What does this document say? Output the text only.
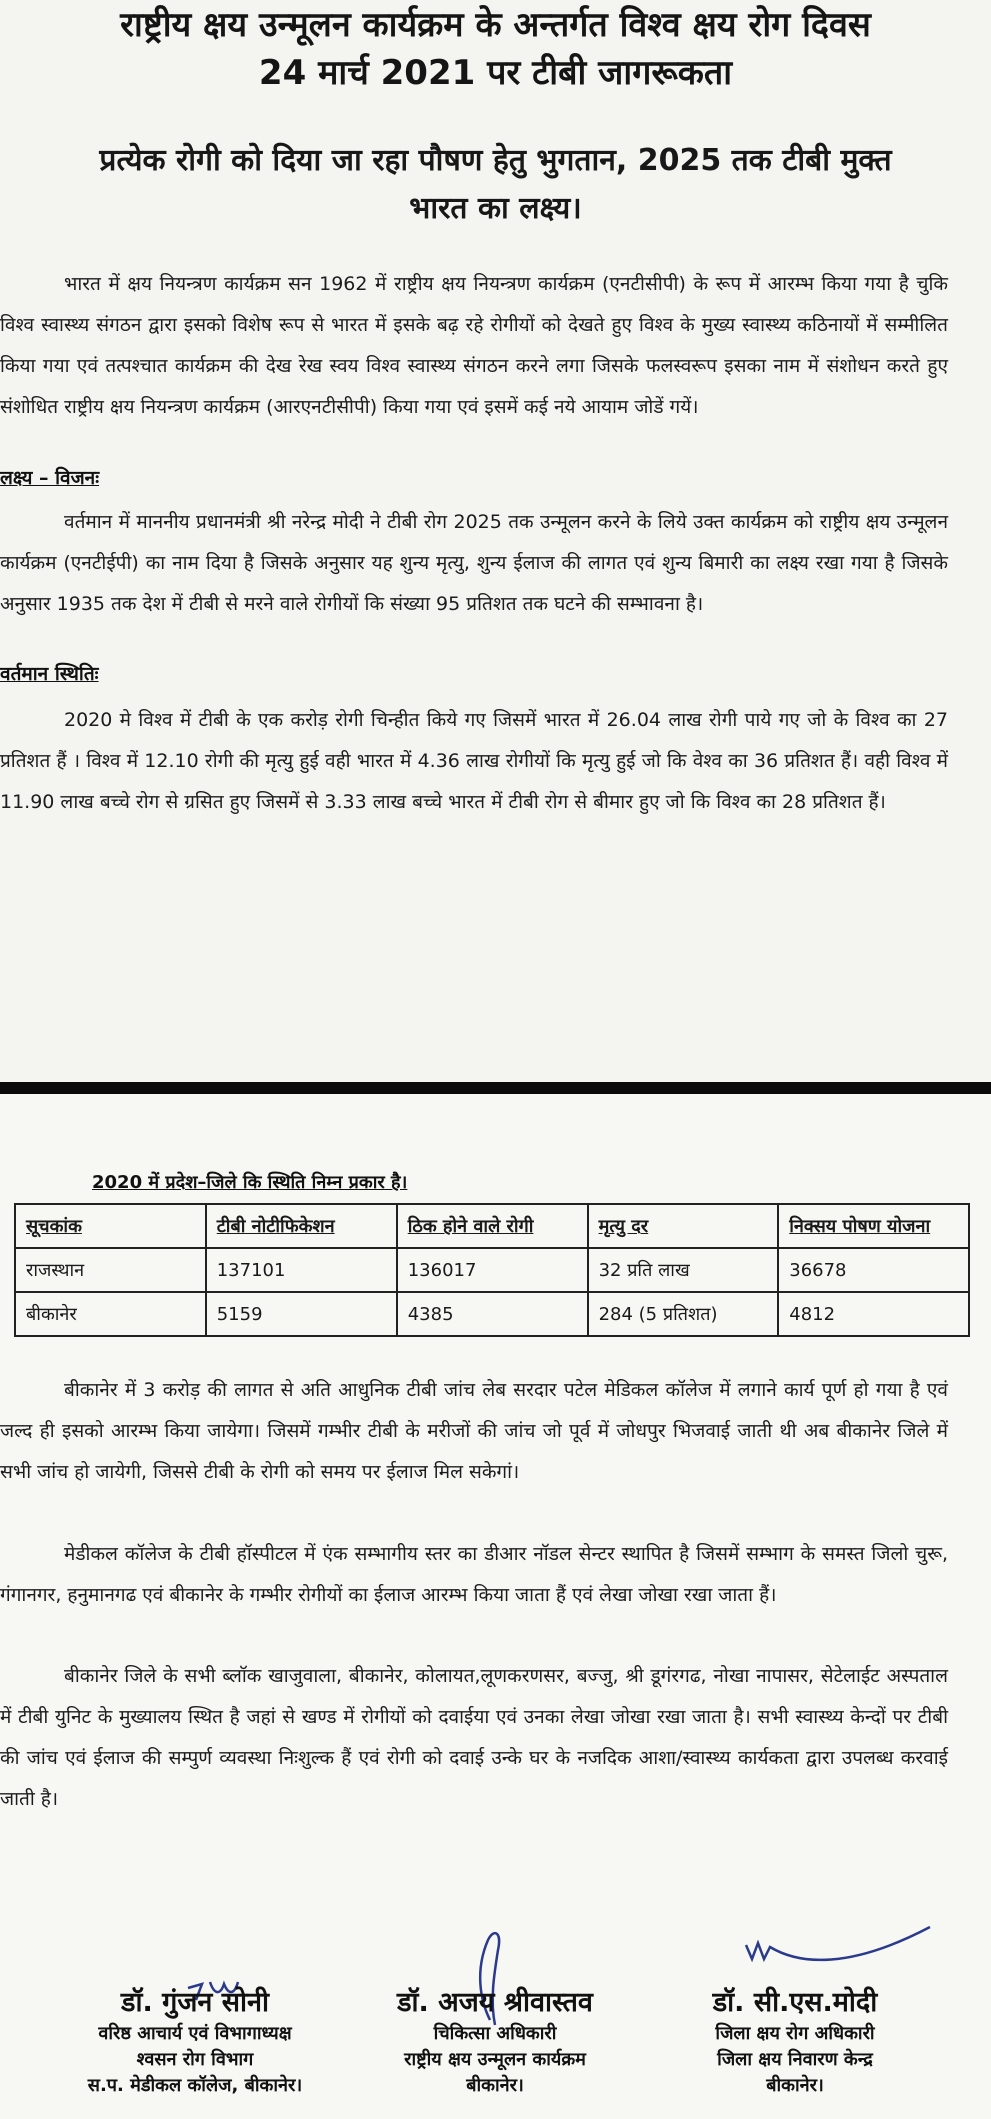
राष्ट्रीय क्षय उन्मूलन कार्यक्रम के अन्तर्गत विश्व क्षय रोग दिवस
24 मार्च 2021 पर टीबी जागरूकता
प्रत्येक रोगी को दिया जा रहा पौषण हेतु भुगतान, 2025 तक टीबी मुक्त
भारत का लक्ष्य।
भारत में क्षय नियन्त्रण कार्यक्रम सन 1962 में राष्ट्रीय क्षय नियन्त्रण कार्यक्रम (एनटीसीपी) के रूप में आरम्भ किया गया है चुकि विश्व स्वास्थ्य संगठन द्वारा इसको विशेष रूप से भारत में इसके बढ़ रहे रोगीयों को देखते हुए विश्व के मुख्य स्वास्थ्य कठिनायों में सम्मीलित किया गया एवं तत्पश्चात कार्यक्रम की देख रेख स्वय विश्व स्वास्थ्य संगठन करने लगा जिसके फलस्वरूप इसका नाम में संशोधन करते हुए संशोधित राष्ट्रीय क्षय नियन्त्रण कार्यक्रम (आरएनटीसीपी) किया गया एवं इसमें कई नये आयाम जोडें गयें।
लक्ष्य – विजनः
वर्तमान में माननीय प्रधानमंत्री श्री नरेन्द्र मोदी ने टीबी रोग 2025 तक उन्मूलन करने के लिये उक्त कार्यक्रम को राष्ट्रीय क्षय उन्मूलन कार्यक्रम (एनटीईपी) का नाम दिया है जिसके अनुसार यह शुन्य मृत्यु, शुन्य ईलाज की लागत एवं शुन्य बिमारी का लक्ष्य रखा गया है जिसके अनुसार 1935 तक देश में टीबी से मरने वाले रोगीयों कि संख्या 95 प्रतिशत तक घटने की सम्भावना है।
वर्तमान स्थितिः
2020 मे विश्व में टीबी के एक करोड़ रोगी चिन्हीत किये गए जिसमें भारत में 26.04 लाख रोगी पाये गए जो के विश्व का 27 प्रतिशत हैं । विश्व में 12.10 रोगी की मृत्यु हुई वही भारत में 4.36 लाख रोगीयों कि मृत्यु हुई जो कि वेश्व का 36 प्रतिशत हैं। वही विश्व में 11.90 लाख बच्चे रोग से ग्रसित हुए जिसमें से 3.33 लाख बच्चे भारत में टीबी रोग से बीमार हुए जो कि विश्व का 28 प्रतिशत हैं।
2020 में प्रदेश–जिले कि स्थिति निम्न प्रकार है।
सूचकांक	टीबी नोटीफिकेशन	ठिक होने वाले रोगी	मृत्यु दर	निक्सय पोषण योजना
राजस्थान	137101	136017	32 प्रति लाख	36678
बीकानेर	5159	4385	284 (5 प्रतिशत)	4812
बीकानेर में 3 करोड़ की लागत से अति आधुनिक टीबी जांच लेब सरदार पटेल मेडिकल कॉलेज में लगाने कार्य पूर्ण हो गया है एवं जल्द ही इसको आरम्भ किया जायेगा। जिसमें गम्भीर टीबी के मरीजों की जांच जो पूर्व में जोधपुर भिजवाई जाती थी अब बीकानेर जिले में सभी जांच हो जायेगी, जिससे टीबी के रोगी को समय पर ईलाज मिल सकेगां।
मेडीकल कॉलेज के टीबी हॉस्पीटल में एंक सम्भागीय स्तर का डीआर नॉडल सेन्टर स्थापित है जिसमें सम्भाग के समस्त जिलो चुरू, गंगानगर, हनुमानगढ एवं बीकानेर के गम्भीर रोगीयों का ईलाज आरम्भ किया जाता हैं एवं लेखा जोखा रखा जाता हैं।
बीकानेर जिले के सभी ब्लॉक खाजुवाला, बीकानेर, कोलायत,लूणकरणसर, बज्जु, श्री डूगंरगढ, नोखा नापासर, सेटेलाईट अस्पताल में टीबी युनिट के मुख्यालय स्थित है जहां से खण्ड में रोगीयों को दवाईया एवं उनका लेखा जोखा रखा जाता है। सभी स्वास्थ्य केन्दों पर टीबी की जांच एवं ईलाज की सम्पुर्ण व्यवस्था निःशुल्क हैं एवं रोगी को दवाई उन्के घर के नजदिक आशा/स्वास्थ्य कार्यकता द्वारा उपलब्ध करवाई जाती है।
डॉ. गुंजन सोनी
वरिष्ठ आचार्य एवं विभागाध्यक्ष
श्वसन रोग विभाग
स.प. मेडीकल कॉलेज, बीकानेर।
डॉ. अजय श्रीवास्तव
चिकित्सा अधिकारी
राष्ट्रीय क्षय उन्मूलन कार्यक्रम
बीकानेर।
डॉ. सी.एस.मोदी
जिला क्षय रोग अधिकारी
जिला क्षय निवारण केन्द्र
बीकानेर।
